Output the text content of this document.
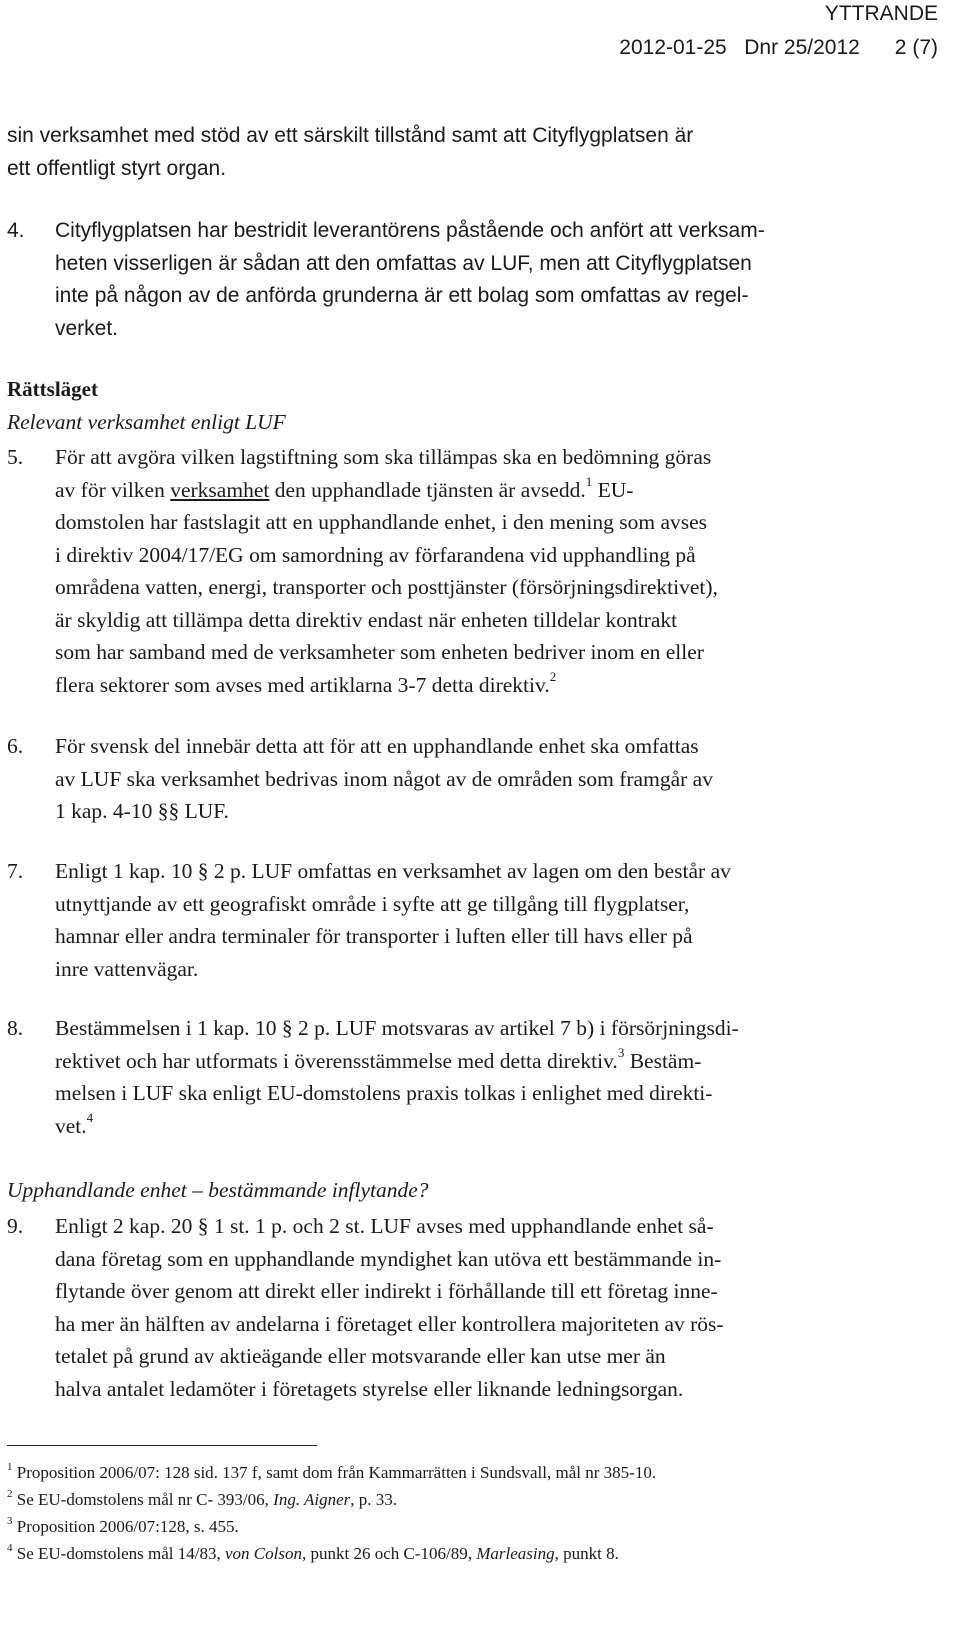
YTTRANDE
2012-01-25   Dnr 25/2012      2 (7)
sin verksamhet med stöd av ett särskilt tillstånd samt att Cityflygplatsen är
ett offentligt styrt organ.
4. Cityflygplatsen har bestridit leverantörens påstående och anfört att verksam-
heten visserligen är sådan att den omfattas av LUF, men att Cityflygplatsen
inte på någon av de anförda grunderna är ett bolag som omfattas av regel-
verket.
Rättsläget
Relevant verksamhet enligt LUF
5. För att avgöra vilken lagstiftning som ska tillämpas ska en bedömning göras
av för vilken verksamhet den upphandlade tjänsten är avsedd.$^1$ EU-
domstolen har fastslagit att en upphandlande enhet, i den mening som avses
i direktiv 2004/17/EG om samordning av förfarandena vid upphandling på
områdena vatten, energi, transporter och posttjänster (försörjningsdirektivet),
är skyldig att tillämpa detta direktiv endast när enheten tilldelar kontrakt
som har samband med de verksamheter som enheten bedriver inom en eller
flera sektorer som avses med artiklarna 3-7 detta direktiv.$^2$
6. För svensk del innebär detta att för att en upphandlande enhet ska omfattas
av LUF ska verksamhet bedrivas inom något av de områden som framgår av
1 kap. 4-10 §§ LUF.
7. Enligt 1 kap. 10 § 2 p. LUF omfattas en verksamhet av lagen om den består av
utnyttjande av ett geografiskt område i syfte att ge tillgång till flygplatser,
hamnar eller andra terminaler för transporter i luften eller till havs eller på
inre vattenvägar.
8. Bestämmelsen i 1 kap. 10 § 2 p. LUF motsvaras av artikel 7 b) i försörjningsdi-
rektivet och har utformats i överensstämmelse med detta direktiv.$^3$ Bestäm-
melsen i LUF ska enligt EU-domstolens praxis tolkas i enlighet med direkti-
vet.$^4$
Upphandlande enhet – bestämmande inflytande?
9. Enligt 2 kap. 20 § 1 st. 1 p. och 2 st. LUF avses med upphandlande enhet så-
dana företag som en upphandlande myndighet kan utöva ett bestämmande in-
flytande över genom att direkt eller indirekt i förhållande till ett företag inne-
ha mer än hälften av andelarna i företaget eller kontrollera majoriteten av rös-
tetalet på grund av aktieägande eller motsvarande eller kan utse mer än
halva antalet ledamöter i företagets styrelse eller liknande ledningsorgan.
$^1$ Proposition 2006/07: 128 sid. 137 f, samt dom från Kammarrätten i Sundsvall, mål nr 385-10.
$^2$ Se EU-domstolens mål nr C- 393/06, Ing. Aigner, p. 33.
$^3$ Proposition 2006/07:128, s. 455.
$^4$ Se EU-domstolens mål 14/83, von Colson, punkt 26 och C-106/89, Marleasing, punkt 8.
